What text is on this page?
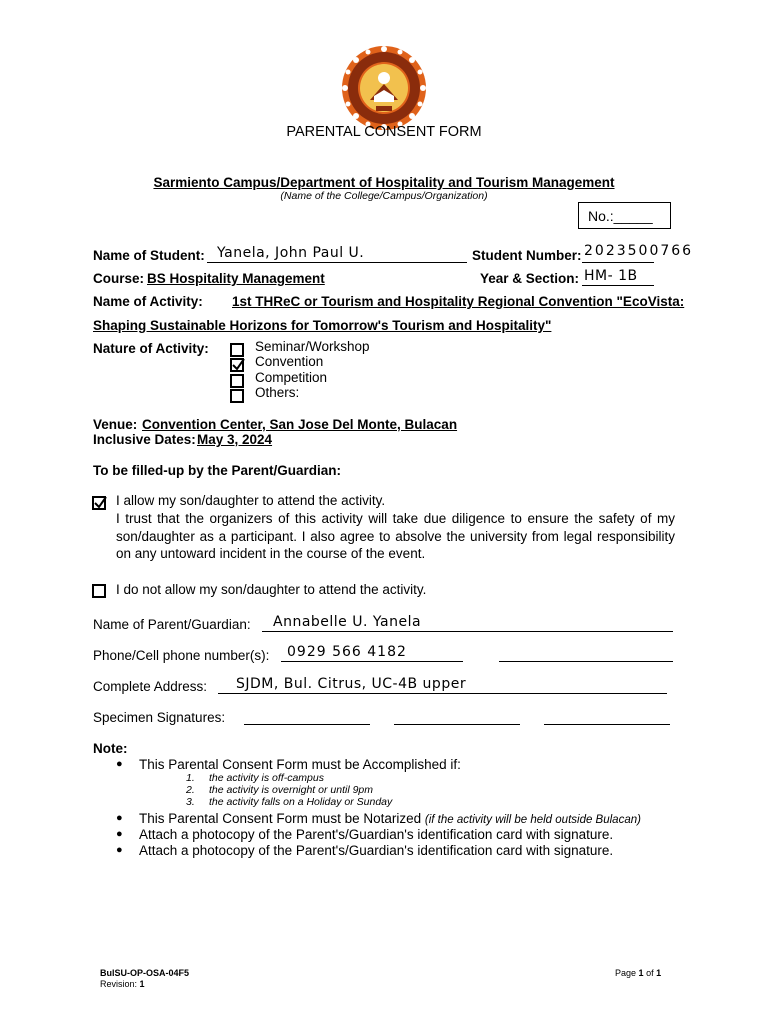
PARENTAL CONSENT FORM
Sarmiento Campus/Department of Hospitality and Tourism Management
(Name of the College/Campus/Organization)
No.:_____
Name of Student: Yanela, John Paul U.	Student Number: 2023500766
Course: BS Hospitality Management	Year & Section: HM- 1B
Name of Activity: 1st THReC or Tourism and Hospitality Regional Convention "EcoVista:
Shaping Sustainable Horizons for Tomorrow's Tourism and Hospitality"
Nature of Activity:	Seminar/Workshop
Convention
Competition
Others:
Venue: Convention Center, San Jose Del Monte, Bulacan
Inclusive Dates: May 3, 2024
To be filled-up by the Parent/Guardian:
I allow my son/daughter to attend the activity.
I trust that the organizers of this activity will take due diligence to ensure the safety of my son/daughter as a participant. I also agree to absolve the university from legal responsibility on any untoward incident in the course of the event.
I do not allow my son/daughter to attend the activity.
Name of Parent/Guardian: Annabelle U. Yanela
Phone/Cell phone number(s): 0929 566 4182
Complete Address: SJDM, Bul. Citrus, UC-4B upper
Specimen Signatures:
Note:
● This Parental Consent Form must be Accomplished if:
1. the activity is off-campus
2. the activity is overnight or until 9pm
3. the activity falls on a Holiday or Sunday
● This Parental Consent Form must be Notarized (if the activity will be held outside Bulacan)
● Attach a photocopy of the Parent's/Guardian's identification card with signature.
● Attach a photocopy of the Parent's/Guardian's identification card with signature.
BulSU-OP-OSA-04F5
Revision: 1
Page 1 of 1
